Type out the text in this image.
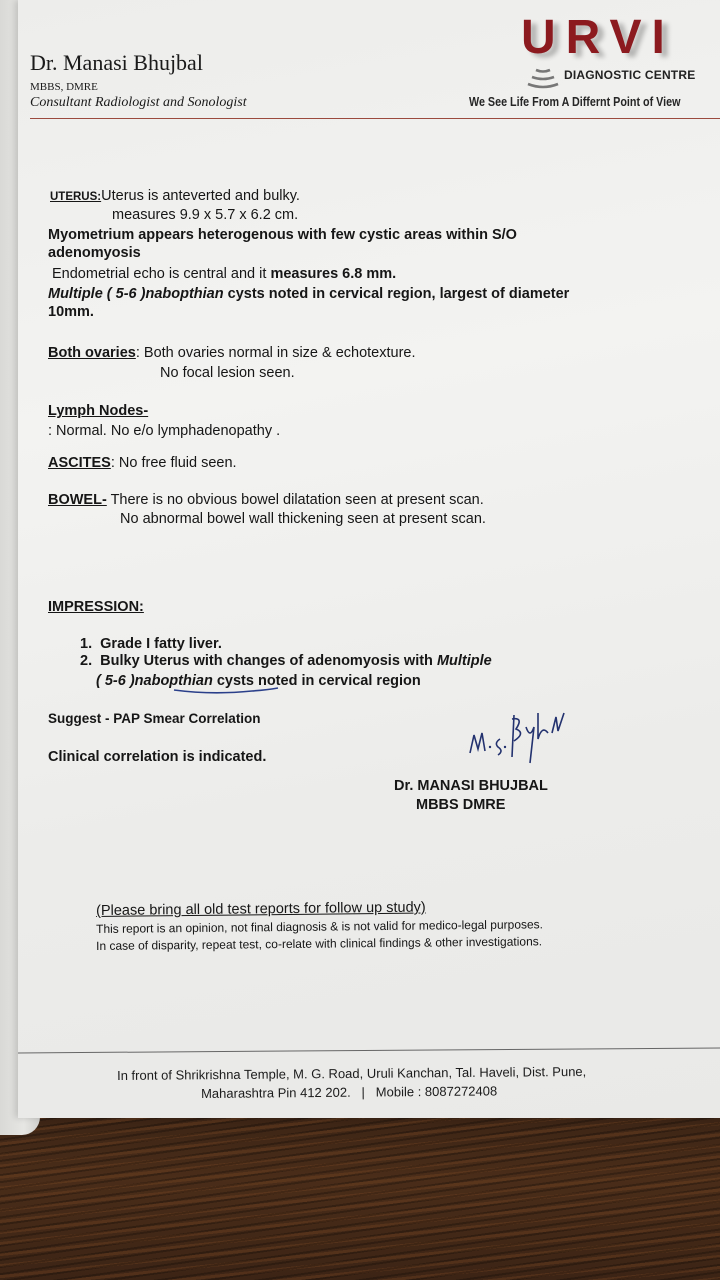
Dr. Manasi Bhujbal
MBBS, DMRE
Consultant Radiologist and Sonologist
URVI
DIAGNOSTIC CENTRE
We See Life From A Differnt Point of View
UTERUS:Uterus is anteverted and bulky.
measures 9.9 x 5.7 x 6.2 cm.
Myometrium appears heterogenous with few cystic areas within S/O
adenomyosis
Endometrial echo is central and it measures 6.8 mm.
Multiple ( 5-6 )nabopthian cysts noted in cervical region, largest of diameter
10mm.
Both ovaries: Both ovaries normal in size & echotexture.
No focal lesion seen.
Lymph Nodes-
: Normal. No e/o lymphadenopathy .
ASCITES: No free fluid seen.
BOWEL- There is no obvious bowel dilatation seen at present scan.
No abnormal bowel wall thickening seen at present scan.
IMPRESSION:
1. Grade I fatty liver.
2. Bulky Uterus with changes of adenomyosis with Multiple
( 5-6 )nabopthian cysts noted in cervical region
Suggest - PAP Smear Correlation
Clinical correlation is indicated.
Dr. MANASI BHUJBAL
MBBS DMRE
(Please bring all old test reports for follow up study)
This report is an opinion, not final diagnosis & is not valid for medico-legal purposes.
In case of disparity, repeat test, co-relate with clinical findings & other investigations.
In front of Shrikrishna Temple, M. G. Road, Uruli Kanchan, Tal. Haveli, Dist. Pune,
Maharashtra Pin 412 202. | Mobile : 8087272408
